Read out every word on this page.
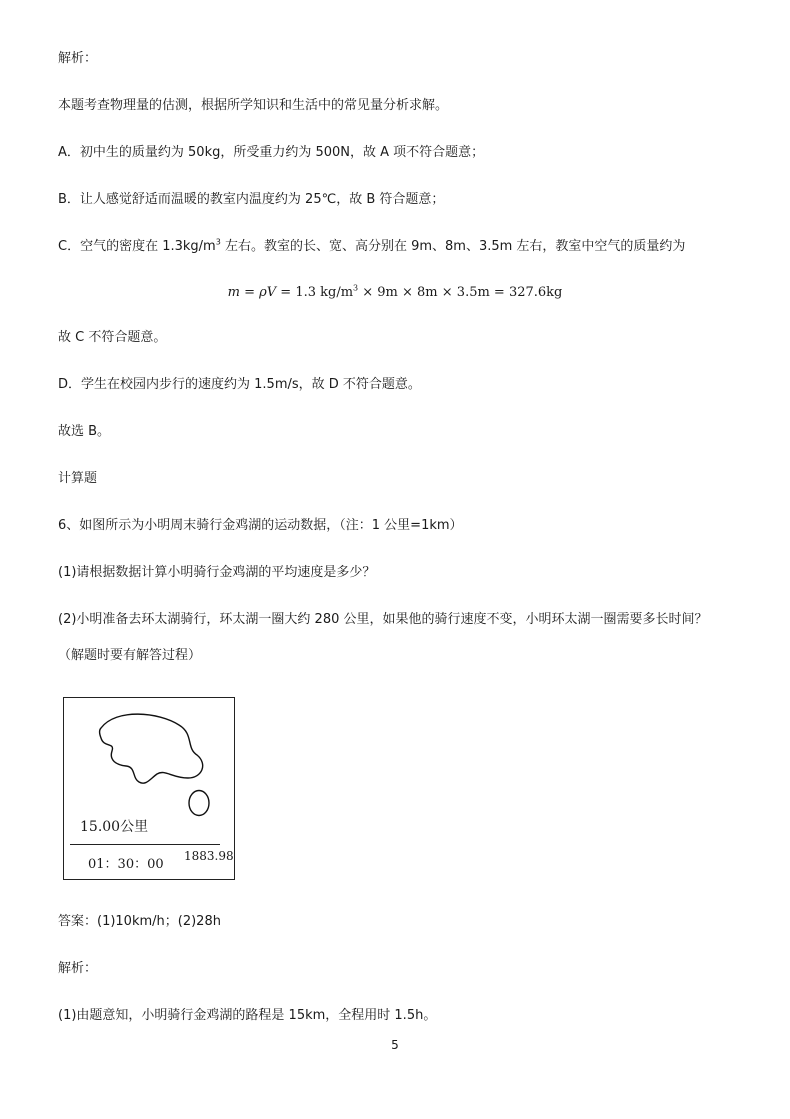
解析：
本题考查物理量的估测，根据所学知识和生活中的常见量分析求解。
A．初中生的质量约为 50kg，所受重力约为 500N，故 A 项不符合题意；
B．让人感觉舒适而温暖的教室内温度约为 25℃，故 B 符合题意；
C．空气的密度在 $1.3kg/m^3$ 左右。教室的长、宽、高分别在 9m、8m、3.5m 左右，教室中空气的质量约为
m = ρV = 1.3 $kg/m^3 \times 9m \times 8m \times 3.5m = 327.6kg$
故 C 不符合题意。
D．学生在校园内步行的速度约为 1.5m/s，故 D 不符合题意。
故选 B。
计算题
6、如图所示为小明周末骑行金鸡湖的运动数据，（注：1 公里=1km）
(1)请根据数据计算小明骑行金鸡湖的平均速度是多少？
(2)小明准备去环太湖骑行，环太湖一圈大约 280 公里，如果他的骑行速度不变，小明环太湖一圈需要多长时间？
（解题时要有解答过程）
15.00公里
01：30：00
1883.98
答案：(1)10km/h；(2)28h
解析：
(1)由题意知，小明骑行金鸡湖的路程是 15km，全程用时 1.5h。
5
